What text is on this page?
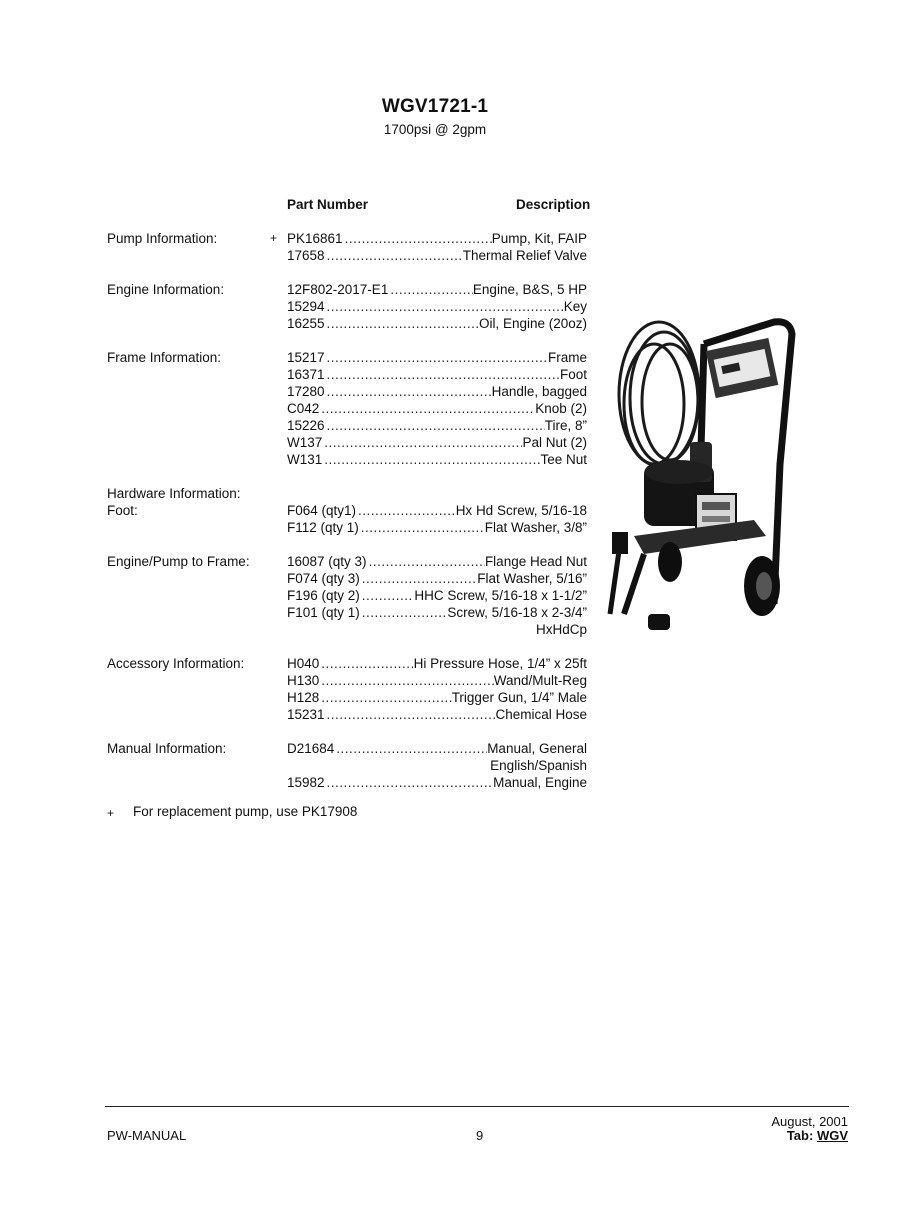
WGV1721-1
1700psi @ 2gpm
Part Number	Description
Pump Information:	+ PK16861 .....	Pump, Kit, FAIP
17658 .....	Thermal Relief Valve
Engine Information:	12F802-2017-E1 .....	Engine, B&S, 5 HP
15294 .....	Key
16255 .....	Oil, Engine (20oz)
Frame Information:	15217 .....	Frame
16371 .....	Foot
17280 .....	Handle, bagged
C042 .....	Knob (2)
15226 .....	Tire, 8”
W137 .....	Pal Nut (2)
W131 .....	Tee Nut
Hardware Information:
Foot:	F064 (qty1) .....	Hx Hd Screw, 5/16-18
F112 (qty 1) .....	Flat Washer, 3/8”
Engine/Pump to Frame:	16087 (qty 3) .....	Flange Head Nut
F074 (qty 3) .....	Flat Washer, 5/16”
F196 (qty 2) .....	HHC Screw, 5/16-18 x 1-1/2”
F101 (qty 1) .....	Screw, 5/16-18 x 2-3/4”
HxHdCp
Accessory Information:	H040 .....	Hi Pressure Hose, 1/4” x 25ft
H130 .....	Wand/Mult-Reg
H128 .....	Trigger Gun, 1/4” Male
15231 .....	Chemical Hose
Manual Information:	D21684 .....	Manual, General
English/Spanish
15982 .....	Manual, Engine
+ For replacement pump, use PK17908
PW-MANUAL	9
August, 2001
Tab: WGV
